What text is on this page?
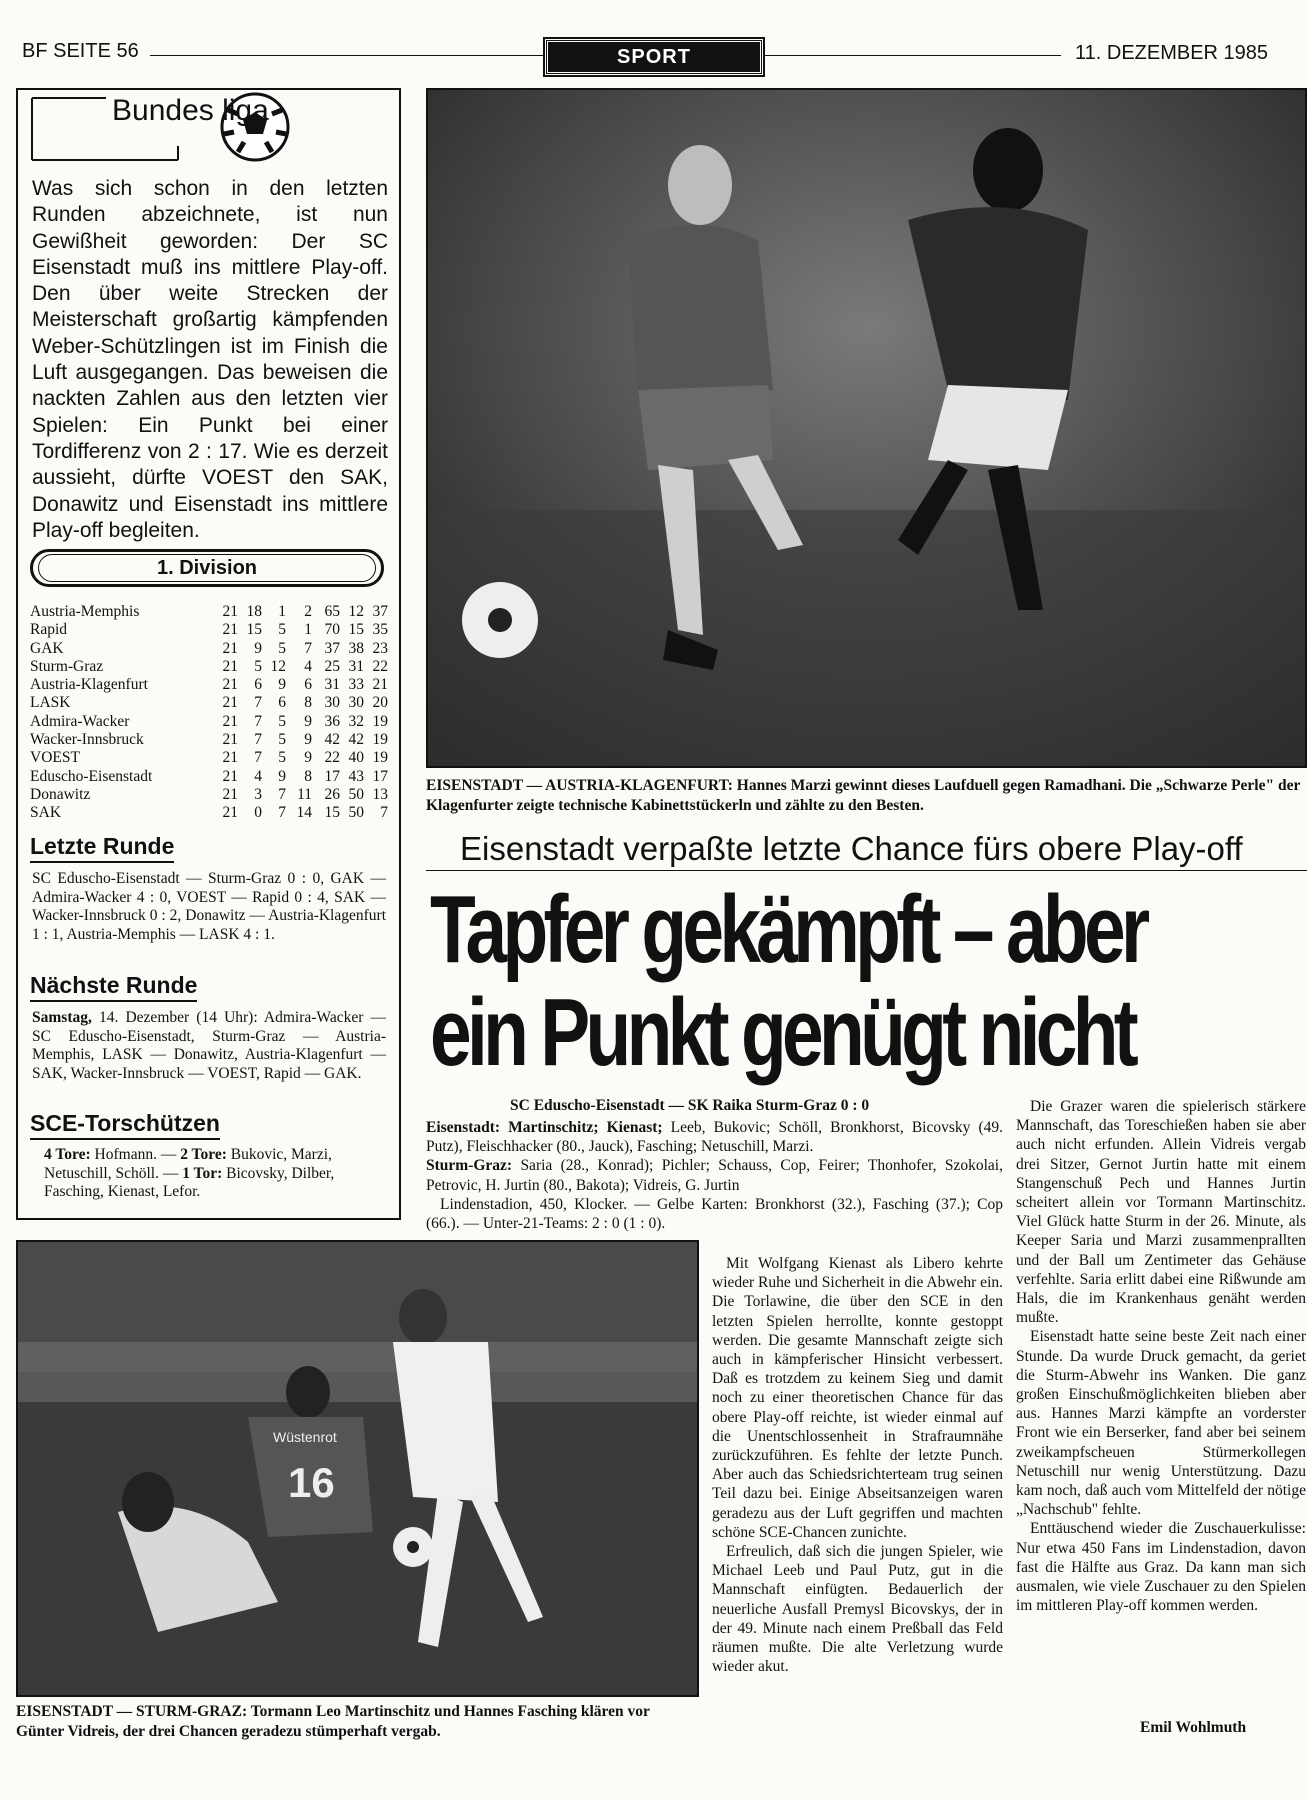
BF SEITE 56	SPORT	11. DEZEMBER 1985
Bundes liga
Was sich schon in den letzten Runden abzeichnete, ist nun Gewißheit geworden: Der SC Eisenstadt muß ins mittlere Play-off. Den über weite Strecken der Meisterschaft großartig kämpfenden Weber-Schützlingen ist im Finish die Luft ausgegangen. Das beweisen die nackten Zahlen aus den letzten vier Spielen: Ein Punkt bei einer Tordifferenz von 2 : 17. Wie es derzeit aussieht, dürfte VOEST den SAK, Donawitz und Eisenstadt ins mittlere Play-off begleiten.
1. Division
Austria-Memphis	21 18 1 2 65 12 37
Rapid	21 15 5 1 70 15 35
GAK	21 9 5 7 37 38 23
Sturm-Graz	21 5 12 4 25 31 22
Austria-Klagenfurt	21 6 9 6 31 33 21
LASK	21 7 6 8 30 30 20
Admira-Wacker	21 7 5 9 36 32 19
Wacker-Innsbruck	21 7 5 9 42 42 19
VOEST	21 7 5 9 22 40 19
Eduscho-Eisenstadt	21 4 9 8 17 43 17
Donawitz	21 3 7 11 26 50 13
SAK	21 0 7 14 15 50 7
Letzte Runde
SC Eduscho-Eisenstadt — Sturm-Graz 0 : 0, GAK — Admira-Wacker 4 : 0, VOEST — Rapid 0 : 4, SAK — Wacker-Innsbruck 0 : 2, Donawitz — Austria-Klagenfurt 1 : 1, Austria-Memphis — LASK 4 : 1.
Nächste Runde
Samstag, 14. Dezember (14 Uhr): Admira-Wacker — SC Eduscho-Eisenstadt, Sturm-Graz — Austria-Memphis, LASK — Donawitz, Austria-Klagenfurt — SAK, Wacker-Innsbruck — VOEST, Rapid — GAK.
SCE-Torschützen
4 Tore: Hofmann. — 2 Tore: Bukovic, Marzi, Netuschill, Schöll. — 1 Tor: Bicovsky, Dilber, Fasching, Kienast, Lefor.
EISENSTADT — AUSTRIA-KLAGENFURT: Hannes Marzi gewinnt dieses Laufduell gegen Ramadhani. Die „Schwarze Perle" der Klagenfurter zeigte technische Kabinettstückerln und zählte zu den Besten.
Eisenstadt verpaßte letzte Chance fürs obere Play-off
Tapfer gekämpft – aber
ein Punkt genügt nicht
SC Eduscho-Eisenstadt — SK Raika Sturm-Graz 0 : 0

Eisenstadt: Martinschitz; Kienast; Leeb, Bukovic; Schöll, Bronkhorst, Bicovsky (49. Putz), Fleischhacker (80., Jauck), Fasching; Netuschill, Marzi.

Sturm-Graz: Saria (28., Konrad); Pichler; Schauss, Cop, Feirer; Thonhofer, Szokolai, Petrovic, H. Jurtin (80., Bakota); Vidreis, G. Jurtin

Lindenstadion, 450, Klocker. — Gelbe Karten: Bronkhorst (32.), Fasching (37.); Cop (66.). — Unter-21-Teams: 2 : 0 (1 : 0).

Wüstenrot
16
EISENSTADT — STURM-GRAZ: Tormann Leo Martinschitz und Hannes Fasching klären vor Günter Vidreis, der drei Chancen geradezu stümperhaft vergab.

Mit Wolfgang Kienast als Libero kehrte wieder Ruhe und Sicherheit in die Abwehr ein. Die Torlawine, die über den SCE in den letzten Spielen herrollte, konnte gestoppt werden. Die gesamte Mannschaft zeigte sich auch in kämpferischer Hinsicht verbessert. Daß es trotzdem zu keinem Sieg und damit noch zu einer theoretischen Chance für das obere Play-off reichte, ist wieder einmal auf die Unentschlossenheit in Strafraumnähe zurückzuführen. Es fehlte der letzte Punch. Aber auch das Schiedsrichterteam trug seinen Teil dazu bei. Einige Abseitsanzeigen waren geradezu aus der Luft gegriffen und machten schöne SCE-Chancen zunichte.

Erfreulich, daß sich die jungen Spieler, wie Michael Leeb und Paul Putz, gut in die Mannschaft einfügten. Bedauerlich der neuerliche Ausfall Premysl Bicovskys, der in der 49. Minute nach einem Preßball das Feld räumen mußte. Die alte Verletzung wurde wieder akut.

Die Grazer waren die spielerisch stärkere Mannschaft, das Toreschießen haben sie aber auch nicht erfunden. Allein Vidreis vergab drei Sitzer, Gernot Jurtin hatte mit einem Stangenschuß Pech und Hannes Jurtin scheitert allein vor Tormann Martinschitz. Viel Glück hatte Sturm in der 26. Minute, als Keeper Saria und Marzi zusammenprallten und der Ball um Zentimeter das Gehäuse verfehlte. Saria erlitt dabei eine Rißwunde am Hals, die im Krankenhaus genäht werden mußte.

Eisenstadt hatte seine beste Zeit nach einer Stunde. Da wurde Druck gemacht, da geriet die Sturm-Abwehr ins Wanken. Die ganz großen Einschußmöglichkeiten blieben aber aus. Hannes Marzi kämpfte an vorderster Front wie ein Berserker, fand aber bei seinem zweikampfscheuen Stürmerkollegen Netuschill nur wenig Unterstützung. Dazu kam noch, daß auch vom Mittelfeld der nötige „Nachschub" fehlte.

Enttäuschend wieder die Zuschauerkulisse: Nur etwa 450 Fans im Lindenstadion, davon fast die Hälfte aus Graz. Da kann man sich ausmalen, wie viele Zuschauer zu den Spielen im mittleren Play-off kommen werden.

Emil Wohlmuth
